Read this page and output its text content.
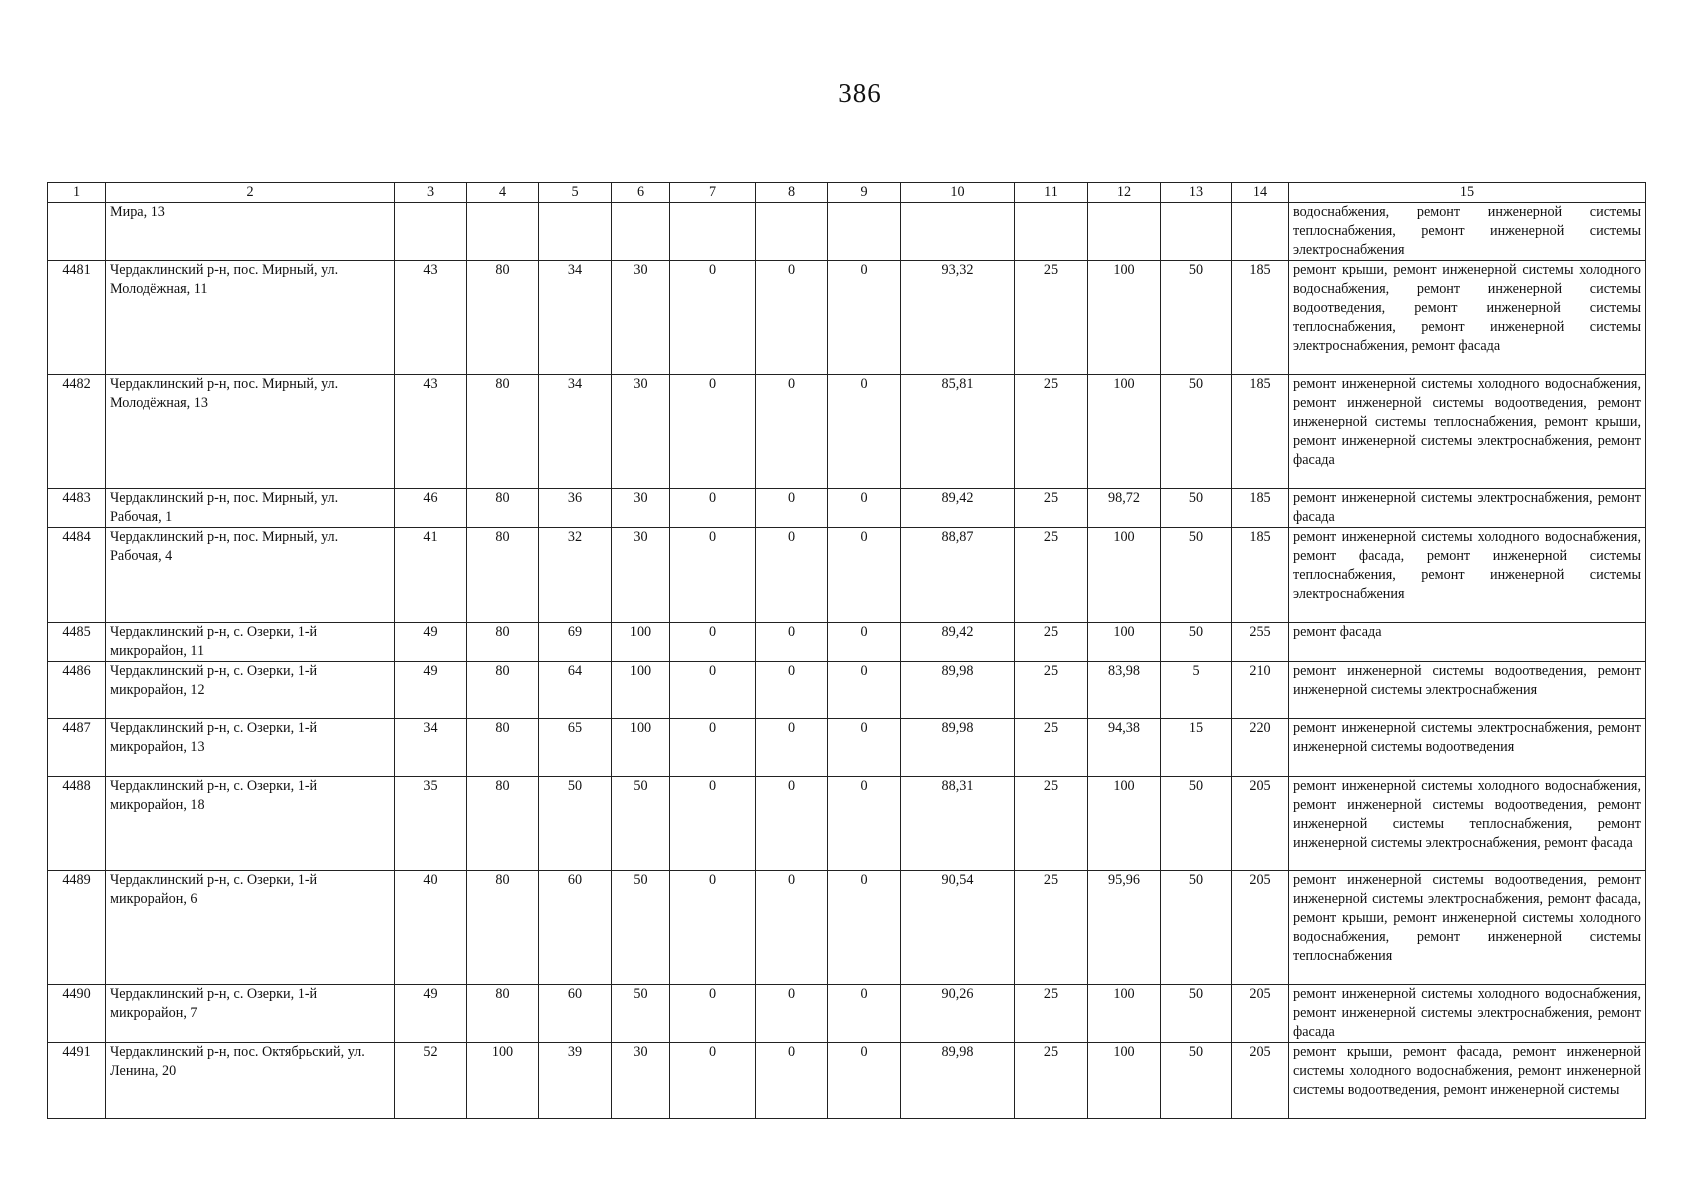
386
1	2	3	4	5	6	7	8	9	10	11	12	13	14	15
	Мира, 13													водоснабжения, ремонт инженерной системы теплоснабжения, ремонт инженерной системы электроснабжения
4481	Чердаклинский р-н, пос. Мирный, ул. Молодёжная, 11	43	80	34	30	0	0	0	93,32	25	100	50	185	ремонт крыши, ремонт инженерной системы холодного водоснабжения, ремонт инженерной системы водоотведения, ремонт инженерной системы теплоснабжения, ремонт инженерной системы электроснабжения, ремонт фасада
4482	Чердаклинский р-н, пос. Мирный, ул. Молодёжная, 13	43	80	34	30	0	0	0	85,81	25	100	50	185	ремонт инженерной системы холодного водоснабжения, ремонт инженерной системы водоотведения, ремонт инженерной системы теплоснабжения, ремонт крыши, ремонт инженерной системы электроснабжения, ремонт фасада
4483	Чердаклинский р-н, пос. Мирный, ул. Рабочая, 1	46	80	36	30	0	0	0	89,42	25	98,72	50	185	ремонт инженерной системы электроснабжения, ремонт фасада
4484	Чердаклинский р-н, пос. Мирный, ул. Рабочая, 4	41	80	32	30	0	0	0	88,87	25	100	50	185	ремонт инженерной системы холодного водоснабжения, ремонт фасада, ремонт инженерной системы теплоснабжения, ремонт инженерной системы электроснабжения
4485	Чердаклинский р-н, с. Озерки, 1-й микрорайон, 11	49	80	69	100	0	0	0	89,42	25	100	50	255	ремонт фасада
4486	Чердаклинский р-н, с. Озерки, 1-й микрорайон, 12	49	80	64	100	0	0	0	89,98	25	83,98	5	210	ремонт инженерной системы водоотведения, ремонт инженерной системы электроснабжения
4487	Чердаклинский р-н, с. Озерки, 1-й микрорайон, 13	34	80	65	100	0	0	0	89,98	25	94,38	15	220	ремонт инженерной системы электроснабжения, ремонт инженерной системы водоотведения
4488	Чердаклинский р-н, с. Озерки, 1-й микрорайон, 18	35	80	50	50	0	0	0	88,31	25	100	50	205	ремонт инженерной системы холодного водоснабжения, ремонт инженерной системы водоотведения, ремонт инженерной системы теплоснабжения, ремонт инженерной системы электроснабжения, ремонт фасада
4489	Чердаклинский р-н, с. Озерки, 1-й микрорайон, 6	40	80	60	50	0	0	0	90,54	25	95,96	50	205	ремонт инженерной системы водоотведения, ремонт инженерной системы электроснабжения, ремонт фасада, ремонт крыши, ремонт инженерной системы холодного водоснабжения, ремонт инженерной системы теплоснабжения
4490	Чердаклинский р-н, с. Озерки, 1-й микрорайон, 7	49	80	60	50	0	0	0	90,26	25	100	50	205	ремонт инженерной системы холодного водоснабжения, ремонт инженерной системы электроснабжения, ремонт фасада
4491	Чердаклинский р-н, пос. Октябрьский, ул. Ленина, 20	52	100	39	30	0	0	0	89,98	25	100	50	205	ремонт крыши, ремонт фасада, ремонт инженерной системы холодного водоснабжения, ремонт инженерной системы водоотведения, ремонт инженерной системы
